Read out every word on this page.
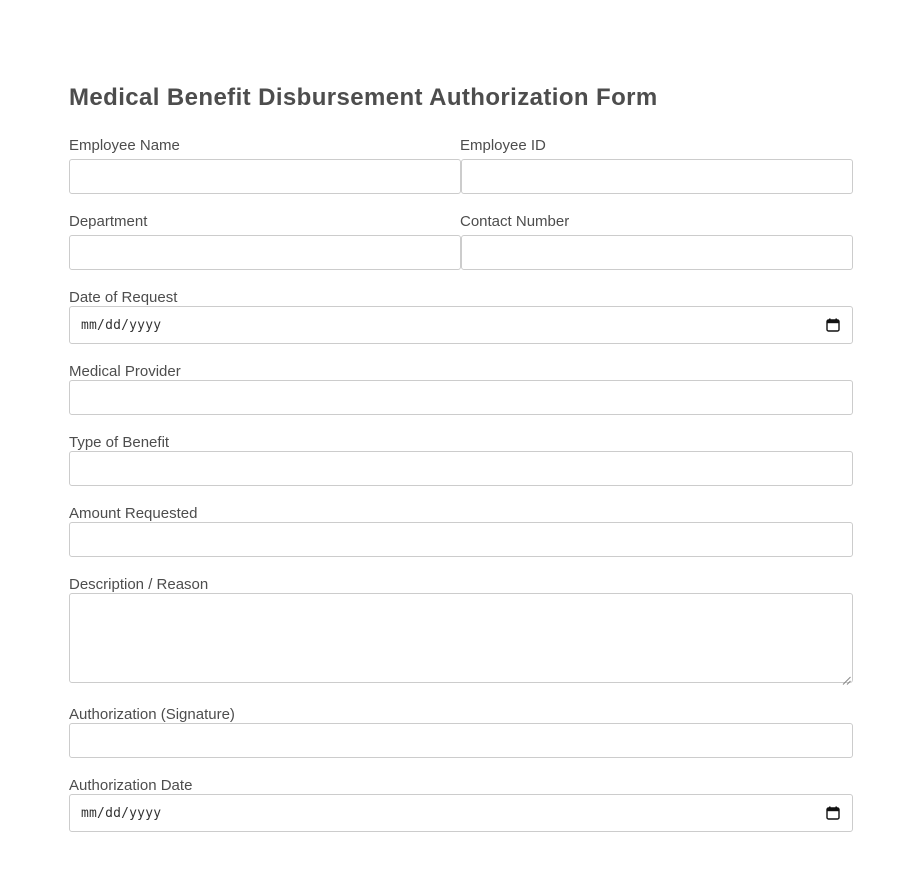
Medical Benefit Disbursement Authorization Form
Employee Name	Employee ID
Department	Contact Number
Date of Request
mm/dd/yyyy
Medical Provider
Type of Benefit
Amount Requested
Description / Reason
Authorization (Signature)
Authorization Date
mm/dd/yyyy
